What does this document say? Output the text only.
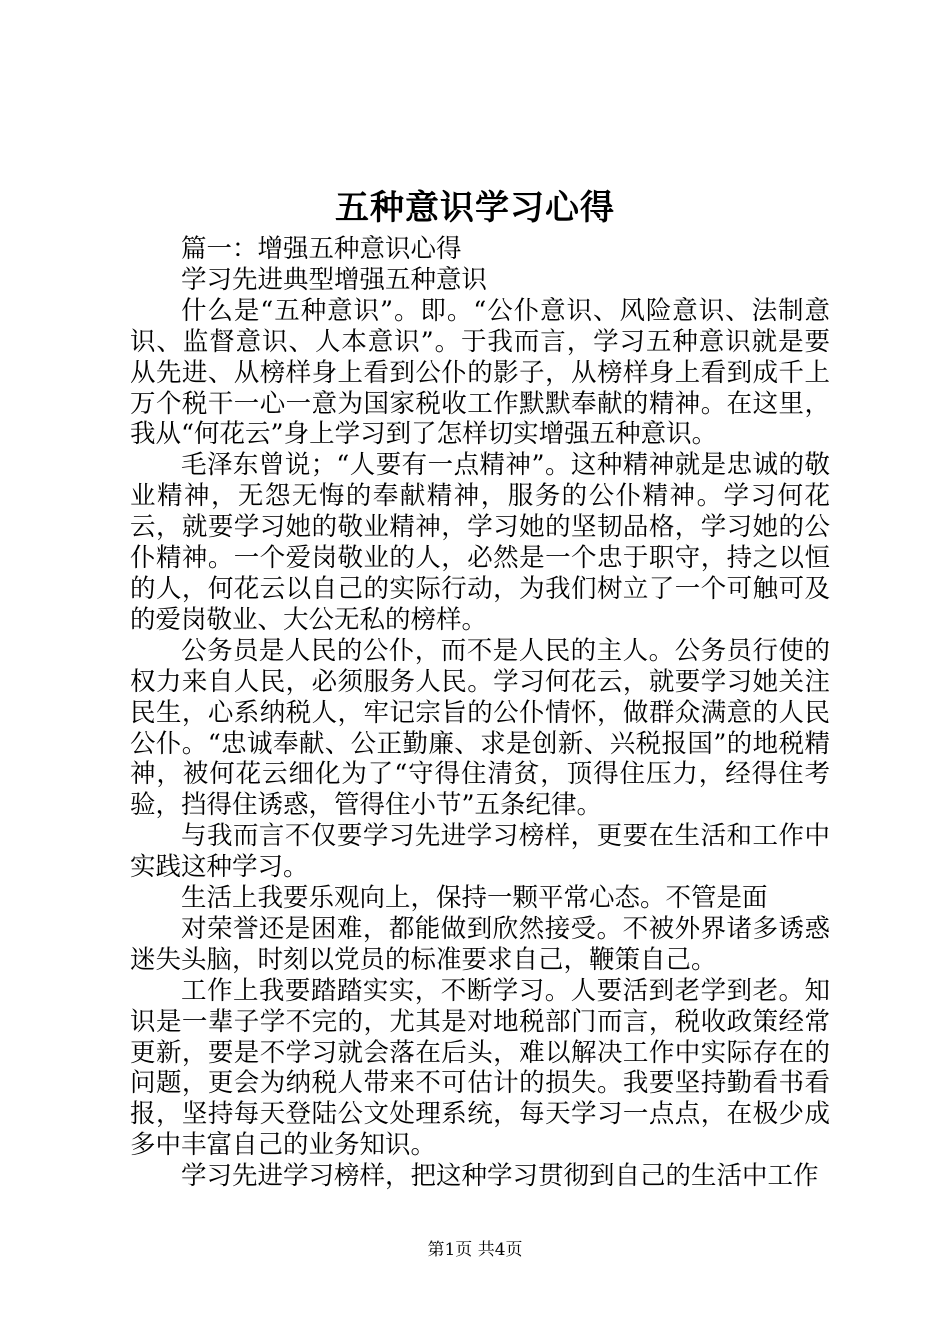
五种意识学习心得

篇一：增强五种意识心得

学习先进典型增强五种意识

什么是“五种意识”。即。“公仆意识、风险意识、法制意识、监督意识、人本意识”。于我而言，学习五种意识就是要从先进、从榜样身上看到公仆的影子，从榜样身上看到成千上万个税干一心一意为国家税收工作默默奉献的精神。在这里，我从“何花云”身上学习到了怎样切实增强五种意识。

毛泽东曾说；“人要有一点精神”。这种精神就是忠诚的敬业精神，无怨无悔的奉献精神，服务的公仆精神。学习何花云，就要学习她的敬业精神，学习她的坚韧品格，学习她的公仆精神。一个爱岗敬业的人，必然是一个忠于职守，持之以恒的人，何花云以自己的实际行动，为我们树立了一个可触可及的爱岗敬业、大公无私的榜样。

公务员是人民的公仆，而不是人民的主人。公务员行使的权力来自人民，必须服务人民。学习何花云，就要学习她关注民生，心系纳税人，牢记宗旨的公仆情怀，做群众满意的人民公仆。“忠诚奉献、公正勤廉、求是创新、兴税报国”的地税精神，被何花云细化为了“守得住清贫，顶得住压力，经得住考验，挡得住诱惑，管得住小节”五条纪律。

与我而言不仅要学习先进学习榜样，更要在生活和工作中实践这种学习。

生活上我要乐观向上，保持一颗平常心态。不管是面

对荣誉还是困难，都能做到欣然接受。不被外界诸多诱惑迷失头脑，时刻以党员的标准要求自己，鞭策自己。

工作上我要踏踏实实，不断学习。人要活到老学到老。知识是一辈子学不完的，尤其是对地税部门而言，税收政策经常更新，要是不学习就会落在后头，难以解决工作中实际存在的问题，更会为纳税人带来不可估计的损失。我要坚持勤看书看报，坚持每天登陆公文处理系统，每天学习一点点，在极少成多中丰富自己的业务知识。

学习先进学习榜样，把这种学习贯彻到自己的生活中工作

第1页 共4页
